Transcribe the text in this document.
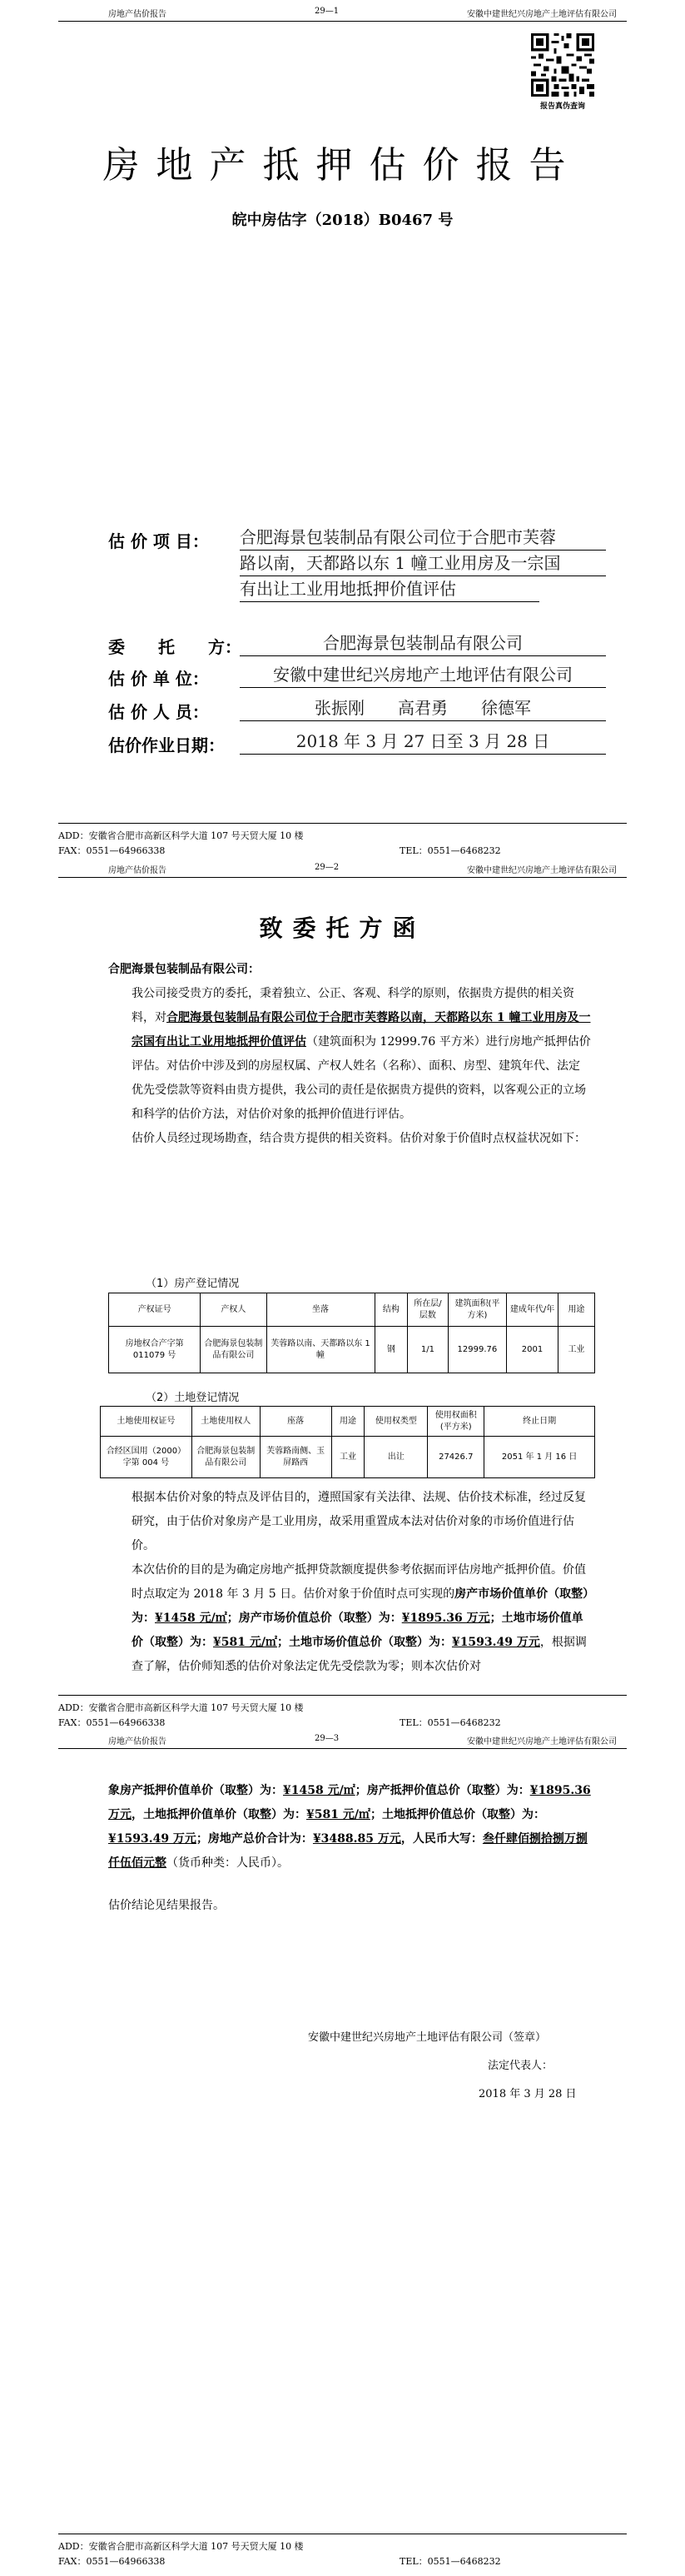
房地产估价报告	29—1	安徽中建世纪兴房地产土地评估有限公司
报告真伪查询
房地产抵押估价报告
皖中房估字（2018）B0467 号
估 价 项 目： 合肥海景包装制品有限公司位于合肥市芙蓉
路以南，天都路以东 1 幢工业用房及一宗国
有出让工业用地抵押价值评估
委　　托　　方：	合肥海景包装制品有限公司
估 价 单 位：	安徽中建世纪兴房地产土地评估有限公司
估 价 人 员：	张振刚　　高君勇　　徐德军
估价作业日期：	2018 年 3 月 27 日至 3 月 28 日
ADD：安徽省合肥市高新区科学大道 107 号天贸大厦 10 楼
FAX：0551—64966338	TEL：0551—6468232
房地产估价报告	29—2	安徽中建世纪兴房地产土地评估有限公司
致委托方函
合肥海景包装制品有限公司：
我公司接受贵方的委托，秉着独立、公正、客观、科学的原则，依据贵方提供的相关资料，对合肥海景包装制品有限公司位于合肥市芙蓉路以南，天都路以东 1 幢工业用房及一宗国有出让工业用地抵押价值评估（建筑面积为 12999.76 平方米）进行房地产抵押估价评估。对估价中涉及到的房屋权属、产权人姓名（名称）、面积、房型、建筑年代、法定优先受偿款等资料由贵方提供，我公司的责任是依据贵方提供的资料，以客观公正的立场和科学的估价方法，对估价对象的抵押价值进行评估。
估价人员经过现场勘查，结合贵方提供的相关资料。估价对象于价值时点权益状况如下：
（1）房产登记情况
产权证号	产权人	坐落	结构	所在层/层数	建筑面积(平方米)	建成年代/年	用途
房地权合产字第 011079 号	合肥海景包装制品有限公司	芙蓉路以南、天都路以东 1 幢	钢	1/1	12999.76	2001	工业
（2）土地登记情况
土地使用权证号	土地使用权人	座落	用途	使用权类型	使用权面积(平方米)	终止日期
合经区国用（2000）字第 004 号	合肥海景包装制品有限公司	芙蓉路南侧、玉屏路西	工业	出让	27426.7	2051 年 1 月 16 日
根据本估价对象的特点及评估目的，遵照国家有关法律、法规、估价技术标准，经过反复研究，由于估价对象房产是工业用房，故采用重置成本法对估价对象的市场价值进行估价。
本次估价的目的是为确定房地产抵押贷款额度提供参考依据而评估房地产抵押价值。价值时点取定为 2018 年 3 月 5 日。估价对象于价值时点可实现的房产市场价值单价（取整）为：¥1458 元/㎡；房产市场价值总价（取整）为：¥1895.36 万元；土地市场价值单价（取整）为：¥581 元/㎡；土地市场价值总价（取整）为：¥1593.49 万元，根据调查了解，估价师知悉的估价对象法定优先受偿款为零；则本次估价对
ADD：安徽省合肥市高新区科学大道 107 号天贸大厦 10 楼
FAX：0551—64966338	TEL：0551—6468232
房地产估价报告	29—3	安徽中建世纪兴房地产土地评估有限公司
象房产抵押价值单价（取整）为：¥1458 元/㎡；房产抵押价值总价（取整）为：¥1895.36 万元，土地抵押价值单价（取整）为：¥581 元/㎡；土地抵押价值总价（取整）为：¥1593.49 万元；房地产总价合计为：¥3488.85 万元，人民币大写：叁仟肆佰捌拾捌万捌仟伍佰元整（货币种类：人民币）。
估价结论见结果报告。
安徽中建世纪兴房地产土地评估有限公司（签章）
法定代表人：
2018 年 3 月 28 日
ADD：安徽省合肥市高新区科学大道 107 号天贸大厦 10 楼
FAX：0551—64966338	TEL：0551—6468232
